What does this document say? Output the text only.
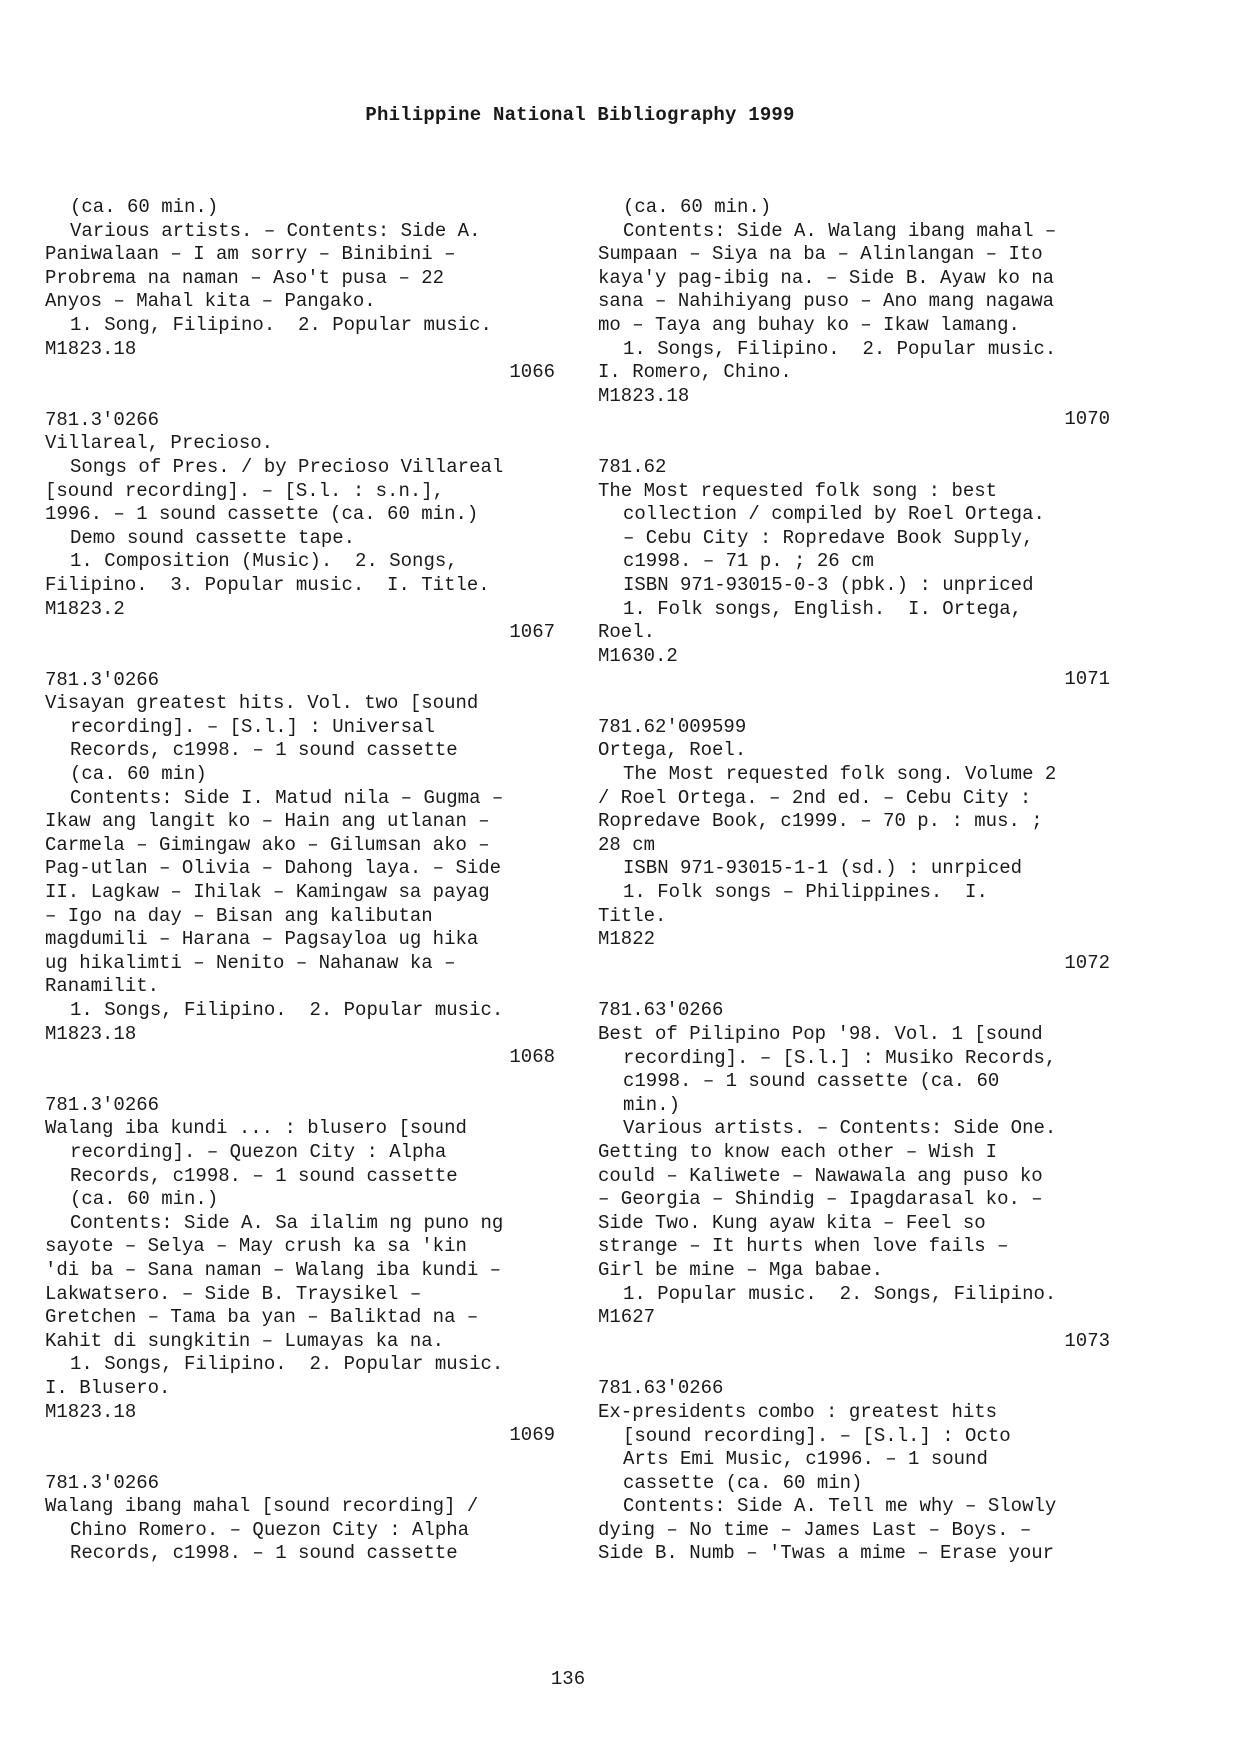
Philippine National Bibliography 1999
(ca. 60 min.)
Various artists. – Contents: Side A.
Paniwalaan – I am sorry – Binibini –
Probrema na naman – Aso't pusa – 22
Anyos – Mahal kita – Pangako.
1. Song, Filipino.  2. Popular music.
M1823.18
1066
781.3'0266
Villareal, Precioso.
Songs of Pres. / by Precioso Villareal
[sound recording]. – [S.l. : s.n.],
1996. – 1 sound cassette (ca. 60 min.)
Demo sound cassette tape.
1. Composition (Music).  2. Songs,
Filipino.  3. Popular music.  I. Title.
M1823.2
1067
781.3'0266
Visayan greatest hits. Vol. two [sound
recording]. – [S.l.] : Universal
Records, c1998. – 1 sound cassette
(ca. 60 min)
Contents: Side I. Matud nila – Gugma –
Ikaw ang langit ko – Hain ang utlanan –
Carmela – Gimingaw ako – Gilumsan ako –
Pag-utlan – Olivia – Dahong laya. – Side
II. Lagkaw – Ihilak – Kamingaw sa payag
– Igo na day – Bisan ang kalibutan
magdumili – Harana – Pagsayloa ug hika
ug hikalimti – Nenito – Nahanaw ka –
Ranamilit.
1. Songs, Filipino.  2. Popular music.
M1823.18
1068
781.3'0266
Walang iba kundi ... : blusero [sound
recording]. – Quezon City : Alpha
Records, c1998. – 1 sound cassette
(ca. 60 min.)
Contents: Side A. Sa ilalim ng puno ng
sayote – Selya – May crush ka sa 'kin
'di ba – Sana naman – Walang iba kundi –
Lakwatsero. – Side B. Traysikel –
Gretchen – Tama ba yan – Baliktad na –
Kahit di sungkitin – Lumayas ka na.
1. Songs, Filipino.  2. Popular music.
I. Blusero.
M1823.18
1069
781.3'0266
Walang ibang mahal [sound recording] /
Chino Romero. – Quezon City : Alpha
Records, c1998. – 1 sound cassette
(ca. 60 min.)
Contents: Side A. Walang ibang mahal –
Sumpaan – Siya na ba – Alinlangan – Ito
kaya'y pag-ibig na. – Side B. Ayaw ko na
sana – Nahihiyang puso – Ano mang nagawa
mo – Taya ang buhay ko – Ikaw lamang.
1. Songs, Filipino.  2. Popular music.
I. Romero, Chino.
M1823.18
1070
781.62
The Most requested folk song : best
collection / compiled by Roel Ortega.
– Cebu City : Ropredave Book Supply,
c1998. – 71 p. ; 26 cm
ISBN 971-93015-0-3 (pbk.) : unpriced
1. Folk songs, English.  I. Ortega,
Roel.
M1630.2
1071
781.62'009599
Ortega, Roel.
The Most requested folk song. Volume 2
/ Roel Ortega. – 2nd ed. – Cebu City :
Ropredave Book, c1999. – 70 p. : mus. ;
28 cm
ISBN 971-93015-1-1 (sd.) : unrpiced
1. Folk songs – Philippines.  I.
Title.
M1822
1072
781.63'0266
Best of Pilipino Pop '98. Vol. 1 [sound
recording]. – [S.l.] : Musiko Records,
c1998. – 1 sound cassette (ca. 60
min.)
Various artists. – Contents: Side One.
Getting to know each other – Wish I
could – Kaliwete – Nawawala ang puso ko
– Georgia – Shindig – Ipagdarasal ko. –
Side Two. Kung ayaw kita – Feel so
strange – It hurts when love fails –
Girl be mine – Mga babae.
1. Popular music.  2. Songs, Filipino.
M1627
1073
781.63'0266
Ex-presidents combo : greatest hits
[sound recording]. – [S.l.] : Octo
Arts Emi Music, c1996. – 1 sound
cassette (ca. 60 min)
Contents: Side A. Tell me why – Slowly
dying – No time – James Last – Boys. –
Side B. Numb – 'Twas a mime – Erase your
136
